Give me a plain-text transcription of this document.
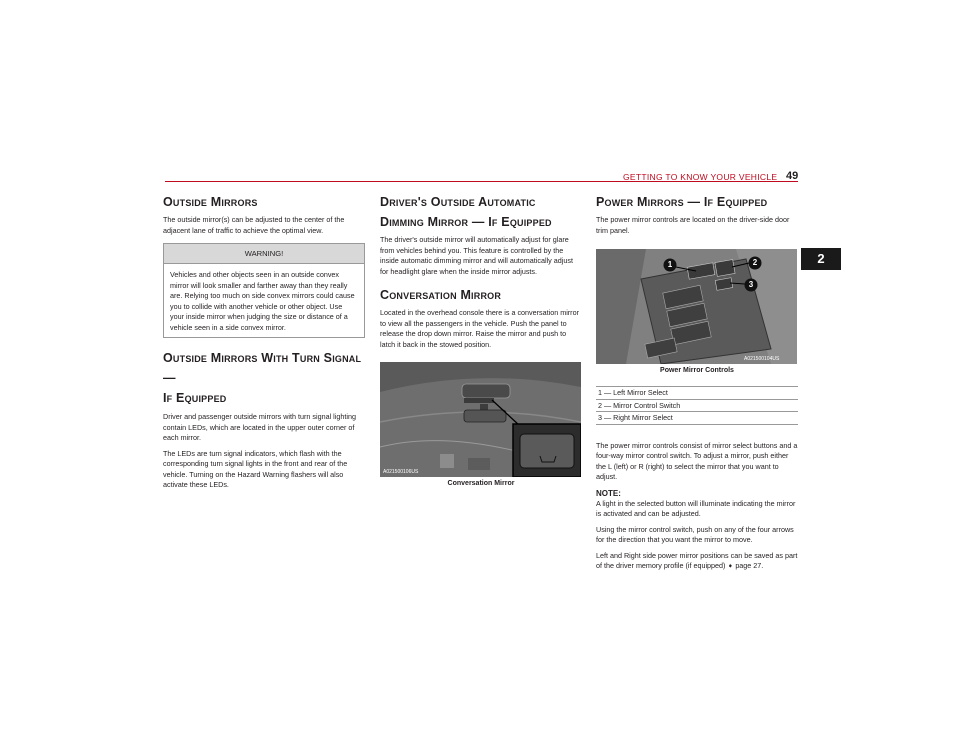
GETTING TO KNOW YOUR VEHICLE 49
2
Outside Mirrors

The outside mirror(s) can be adjusted to the center of the adjacent lane of traffic to achieve the optimal view.

WARNING!
Vehicles and other objects seen in an outside convex mirror will look smaller and farther away than they really are. Relying too much on side convex mirrors could cause you to collide with another vehicle or other object. Use your inside mirror when judging the size or distance of a vehicle seen in a side convex mirror.
Outside Mirrors With Turn Signal —
If Equipped

Driver and passenger outside mirrors with turn signal lighting contain LEDs, which are located in the upper outer corner of each mirror.

The LEDs are turn signal indicators, which flash with the corresponding turn signal lights in the front and rear of the vehicle. Turning on the Hazard Warning flashers will also activate these LEDs.

Driver's Outside Automatic
Dimming Mirror — If Equipped

The driver's outside mirror will automatically adjust for glare from vehicles behind you. This feature is controlled by the inside automatic dimming mirror and will automatically adjust for headlight glare when the inside mirror adjusts.

Conversation Mirror

Located in the overhead console there is a conversation mirror to view all the passengers in the vehicle. Push the panel to release the drop down mirror. Raise the mirror and push to latch it back in the stowed position.

A021500106US
Conversation Mirror
Power Mirrors — If Equipped

The power mirror controls are located on the driver-side door trim panel.

1	2
3
A021500104US
Power Mirror Controls
1 — Left Mirror Select
2 — Mirror Control Switch
3 — Right Mirror Select

The power mirror controls consist of mirror select buttons and a four-way mirror control switch. To adjust a mirror, push either the L (left) or R (right) to select the mirror that you want to adjust.

NOTE:

A light in the selected button will illuminate indicating the mirror is activated and can be adjusted.

Using the mirror control switch, push on any of the four arrows for the direction that you want the mirror to move.

Left and Right side power mirror positions can be saved as part of the driver memory profile (if equipped) ➧ page 27.
